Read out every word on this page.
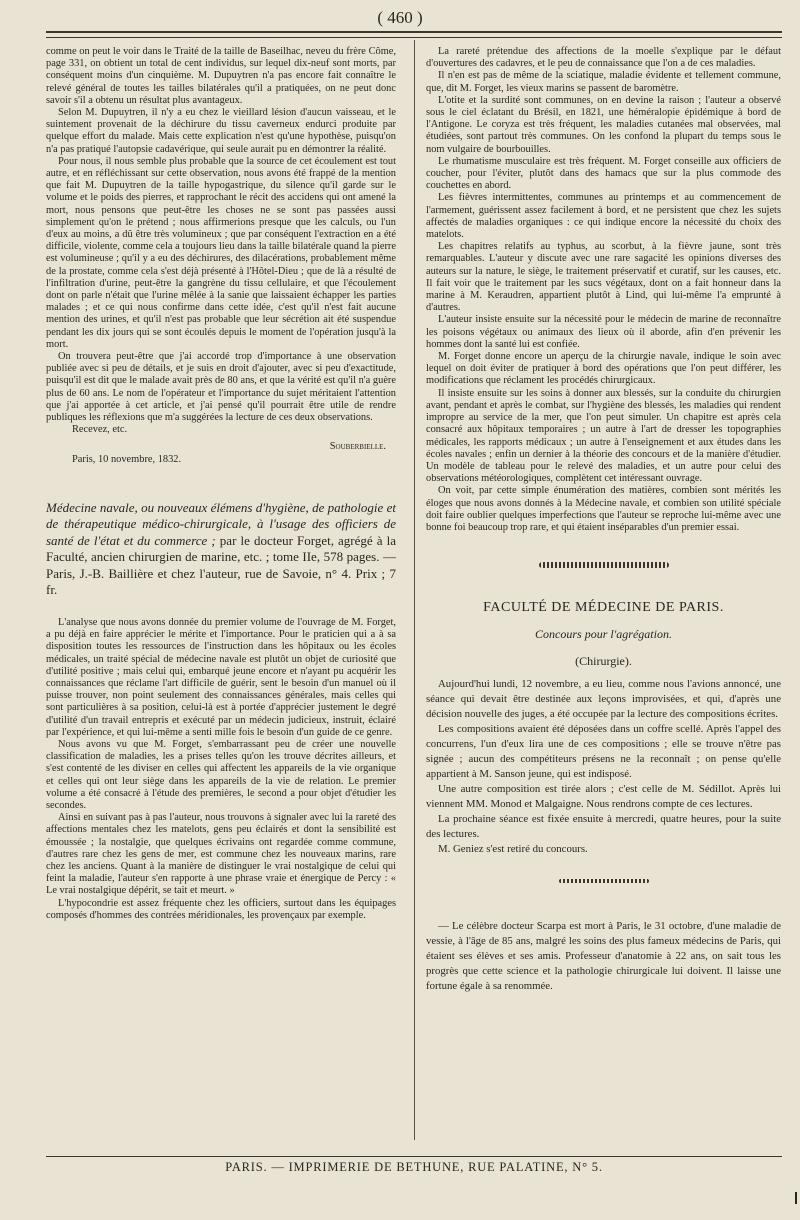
( 460 )

comme on peut le voir dans le Traité de la taille de Baseilhac, neveu du frère Côme, page 331, on obtient un total de cent individus, sur lequel dix-neuf sont morts, par conséquent moins d'un cinquième. M. Dupuytren n'a pas encore fait connaître le relevé général de toutes les tailles bilatérales qu'il a pratiquées, on ne peut donc savoir s'il a obtenu un résultat plus avantageux.

Selon M. Dupuytren, il n'y a eu chez le vieillard lésion d'aucun vaisseau, et le suintement provenait de la déchirure du tissu caverneux endurci produite par quelque effort du malade. Mais cette explication n'est qu'une hypothèse, puisqu'on n'a pas pratiqué l'autopsie cadavérique, qui seule aurait pu en démontrer la réalité.

Pour nous, il nous semble plus probable que la source de cet écoulement est tout autre, et en réfléchissant sur cette observation, nous avons été frappé de la mention que fait M. Dupuytren de la taille hypogastrique, du silence qu'il garde sur le volume et le poids des pierres, et rapprochant le récit des accidens qui ont amené la mort, nous pensons que peut-être les choses ne se sont pas passées aussi simplement qu'on le prétend ; nous affirmerions presque que les calculs, ou l'un d'eux au moins, a dû être très volumineux ; que par conséquent l'extraction en a été difficile, violente, comme cela a toujours lieu dans la taille bilatérale quand la pierre est volumineuse ; qu'il y a eu des déchirures, des dilacérations, probablement même de la prostate, comme cela s'est déjà présenté à l'Hôtel-Dieu ; que de là a résulté de l'infiltration d'urine, peut-être la gangrène du tissu cellulaire, et que l'écoulement dont on parle n'était que l'urine mêlée à la sanie que laissaient échapper les parties malades ; et ce qui nous confirme dans cette idée, c'est qu'il n'est fait aucune mention des urines, et qu'il n'est pas probable que leur sécrétion ait été suspendue pendant les dix jours qui se sont écoulés depuis le moment de l'opération jusqu'à la mort.

On trouvera peut-être que j'ai accordé trop d'importance à une observation publiée avec si peu de détails, et je suis en droit d'ajouter, avec si peu d'exactitude, puisqu'il est dit que le malade avait près de 80 ans, et que la vérité est qu'il n'a guère plus de 60 ans. Le nom de l'opérateur et l'importance du sujet méritaient l'attention que j'ai apportée à cet article, et j'ai pensé qu'il pourrait être utile de rendre publiques les réflexions que m'a suggérées la lecture de ces deux observations.

Recevez, etc.

Souberbielle.

Paris, 10 novembre, 1832.

Médecine navale, ou nouveaux élémens d'hygiène, de pathologie et de thérapeutique médico-chirurgicale, à l'usage des officiers de santé de l'état et du commerce ; par le docteur Forget, agrégé à la Faculté, ancien chirurgien de marine, etc. ; tome IIe, 578 pages. — Paris, J.-B. Baillière et chez l'auteur, rue de Savoie, n° 4. Prix ; 7 fr.

L'analyse que nous avons donnée du premier volume de l'ouvrage de M. Forget, a pu déjà en faire apprécier le mérite et l'importance. Pour le praticien qui a à sa disposition toutes les ressources de l'instruction dans les hôpitaux ou les écoles médicales, un traité spécial de médecine navale est plutôt un objet de curiosité que d'utilité positive ; mais celui qui, embarqué jeune encore et n'ayant pu acquérir les connaissances que réclame l'art difficile de guérir, sent le besoin d'un manuel où il puisse trouver, non point seulement des connaissances générales, mais celles qui sont particulières à sa position, celui-là est à portée d'apprécier justement le degré d'utilité d'un travail entrepris et exécuté par un médecin judicieux, instruit, éclairé par l'expérience, et qui lui-même a senti mille fois le besoin d'un guide de ce genre.

Nous avons vu que M. Forget, s'embarrassant peu de créer une nouvelle classification de maladies, les a prises telles qu'on les trouve décrites ailleurs, et s'est contenté de les diviser en celles qui affectent les appareils de la vie organique et celles qui ont leur siège dans les appareils de la vie de relation. Le premier volume a été consacré à l'étude des premières, le second a pour objet d'étudier les secondes.

Ainsi en suivant pas à pas l'auteur, nous trouvons à signaler avec lui la rareté des affections mentales chez les matelots, gens peu éclairés et dont la sensibilité est émoussée ; la nostalgie, que quelques écrivains ont regardée comme commune, d'autres rare chez les gens de mer, est commune chez les nouveaux marins, rare chez les anciens. Quant à la manière de distinguer le vrai nostalgique de celui qui feint la maladie, l'auteur s'en rapporte à une phrase vraie et énergique de Percy : « Le vrai nostalgique dépérit, se tait et meurt. »

L'hypocondrie est assez fréquente chez les officiers, surtout dans les équipages composés d'hommes des contrées méridionales, les provençaux par exemple.

La rareté prétendue des affections de la moelle s'explique par le défaut d'ouvertures des cadavres, et le peu de connaissance que l'on a de ces maladies.

Il n'en est pas de même de la sciatique, maladie évidente et tellement commune, que, dit M. Forget, les vieux marins se passent de baromètre.

L'otite et la surdité sont communes, on en devine la raison ; l'auteur a observé sous le ciel éclatant du Brésil, en 1821, une héméralopie épidémique à bord de l'Antigone. Le coryza est très fréquent, les maladies cutanées mal observées, mal étudiées, sont partout très communes. On les confond la plupart du temps sous le nom vulgaire de bourbouilles.

Le rhumatisme musculaire est très fréquent. M. Forget conseille aux officiers de coucher, pour l'éviter, plutôt dans des hamacs que sur la plus commode des couchettes en abord.

Les fièvres intermittentes, communes au printemps et au commencement de l'armement, guérissent assez facilement à bord, et ne persistent que chez les sujets affectés de maladies organiques : ce qui indique encore la nécessité du choix des matelots.

Les chapitres relatifs au typhus, au scorbut, à la fièvre jaune, sont très remarquables. L'auteur y discute avec une rare sagacité les opinions diverses des auteurs sur la nature, le siège, le traitement préservatif et curatif, sur les causes, etc. Il fait voir que le traitement par les sucs végétaux, dont on a fait honneur dans la marine à M. Keraudren, appartient plutôt à Lind, qui lui-même l'a emprunté à d'autres.

L'auteur insiste ensuite sur la nécessité pour le médecin de marine de reconnaître les poisons végétaux ou animaux des lieux où il aborde, afin d'en prévenir les hommes dont la santé lui est confiée.

M. Forget donne encore un aperçu de la chirurgie navale, indique le soin avec lequel on doit éviter de pratiquer à bord des opérations que l'on peut différer, les modifications que réclament les procédés chirurgicaux.

Il insiste ensuite sur les soins à donner aux blessés, sur la conduite du chirurgien avant, pendant et après le combat, sur l'hygiène des blessés, les maladies qui rendent impropre au service de la mer, que l'on peut simuler. Un chapitre est après cela consacré aux hôpitaux temporaires ; un autre à l'art de dresser les topographies médicales, les rapports médicaux ; un autre à l'enseignement et aux études dans les écoles navales ; enfin un dernier à la théorie des concours et de la manière d'étudier. Un modèle de tableau pour le relevé des maladies, et un autre pour celui des observations météorologiques, complètent cet intéressant ouvrage.

On voit, par cette simple énumération des matières, combien sont mérités les éloges que nous avons donnés à la Médecine navale, et combien son utilité spéciale doit faire oublier quelques imperfections que l'auteur se reproche lui-même avec une bonne foi beaucoup trop rare, et qui étaient inséparables d'un premier essai.

FACULTÉ DE MÉDECINE DE PARIS.

Concours pour l'agrégation.

(Chirurgie).

Aujourd'hui lundi, 12 novembre, a eu lieu, comme nous l'avions annoncé, une séance qui devait être destinée aux leçons improvisées, et qui, d'après une décision nouvelle des juges, a été occupée par la lecture des compositions écrites.

Les compositions avaient été déposées dans un coffre scellé. Après l'appel des concurrens, l'un d'eux lira une de ces compositions ; elle se trouve n'être pas signée ; aucun des compétiteurs présens ne la reconnaît ; on pense qu'elle appartient à M. Sanson jeune, qui est indisposé.

Une autre composition est tirée alors ; c'est celle de M. Sédillot. Après lui viennent MM. Monod et Malgaigne. Nous rendrons compte de ces lectures.

La prochaine séance est fixée ensuite à mercredi, quatre heures, pour la suite des lectures.

M. Geniez s'est retiré du concours.

— Le célèbre docteur Scarpa est mort à Paris, le 31 octobre, d'une maladie de vessie, à l'âge de 85 ans, malgré les soins des plus fameux médecins de Paris, qui étaient ses élèves et ses amis. Professeur d'anatomie à 22 ans, on sait tous les progrès que cette science et la pathologie chirurgicale lui doivent. Il laisse une fortune égale à sa renommée.

PARIS. — IMPRIMERIE DE BETHUNE, RUE PALATINE, N° 5.
